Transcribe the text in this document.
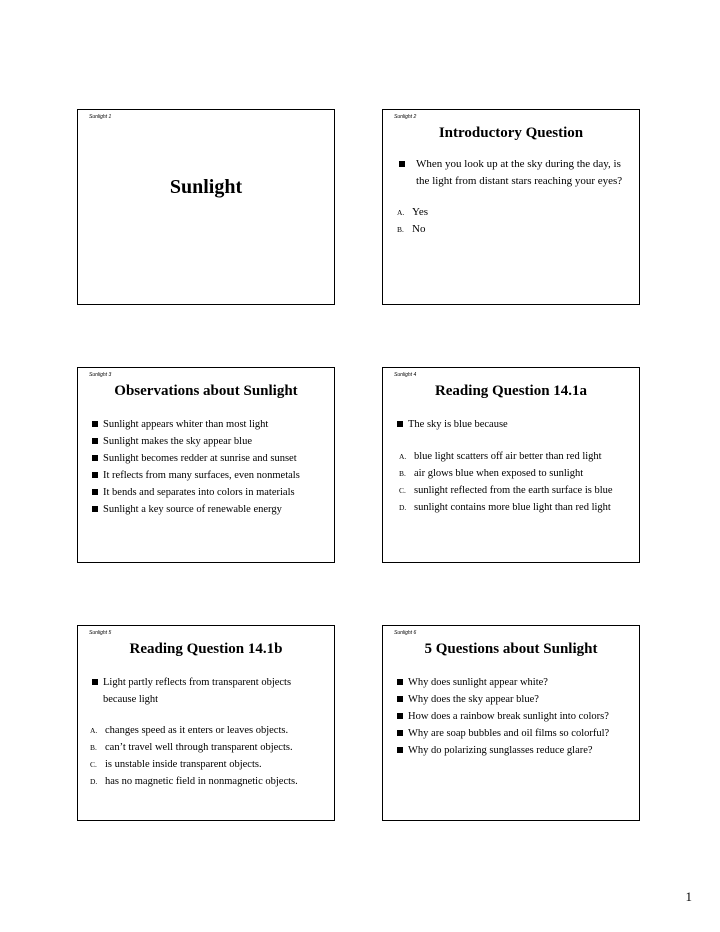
Sunlight 1
Sunlight
Sunlight 2
Introductory Question
When you look up at the sky during the day, is the light from distant stars reaching your eyes?
A. Yes
B. No
Sunlight 3
Observations about Sunlight
Sunlight appears whiter than most light
Sunlight makes the sky appear blue
Sunlight becomes redder at sunrise and sunset
It reflects from many surfaces, even nonmetals
It bends and separates into colors in materials
Sunlight a key source of renewable energy
Sunlight 4
Reading Question 14.1a
The sky is blue because
A. blue light scatters off air better than red light
B. air glows blue when exposed to sunlight
C. sunlight reflected from the earth surface is blue
D. sunlight contains more blue light than red light
Sunlight 5
Reading Question 14.1b
Light partly reflects from transparent objects because light
A. changes speed as it enters or leaves objects.
B. can’t travel well through transparent objects.
C. is unstable inside transparent objects.
D. has no magnetic field in nonmagnetic objects.
Sunlight 6
5 Questions about Sunlight
Why does sunlight appear white?
Why does the sky appear blue?
How does a rainbow break sunlight into colors?
Why are soap bubbles and oil films so colorful?
Why do polarizing sunglasses reduce glare?
1
